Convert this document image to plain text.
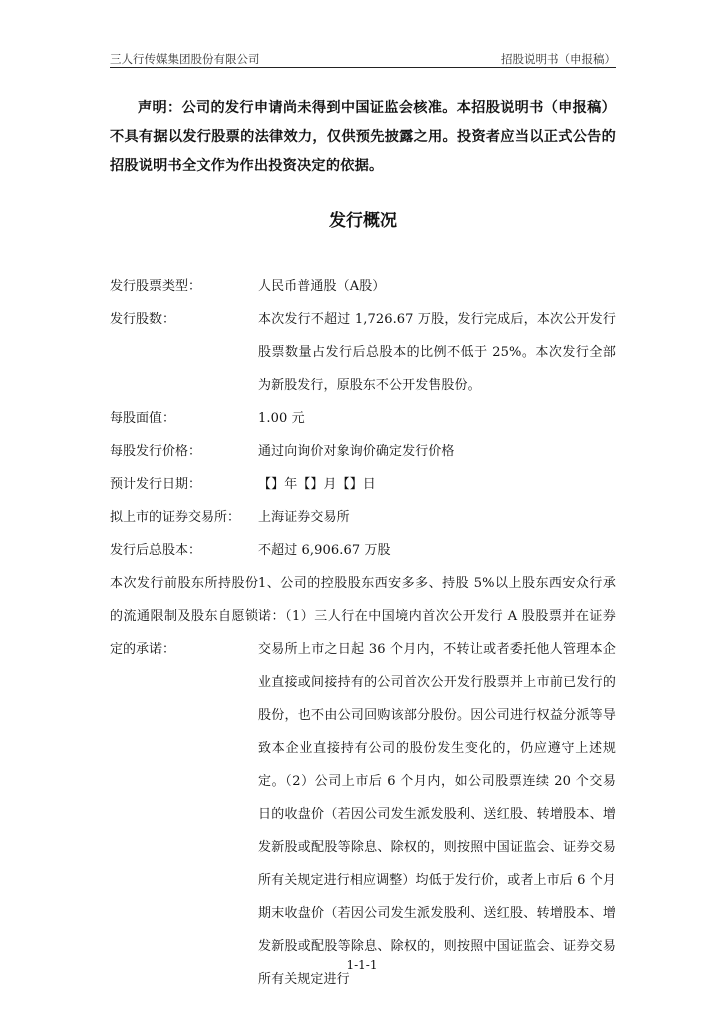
三人行传媒集团股份有限公司	招股说明书（申报稿）
声明：公司的发行申请尚未得到中国证监会核准。本招股说明书（申报稿）不具有据以发行股票的法律效力，仅供预先披露之用。投资者应当以正式公告的招股说明书全文作为作出投资决定的依据。
发行概况
发行股票类型：	人民币普通股（A股）
发行股数：	本次发行不超过 1,726.67 万股，发行完成后，本次公开发行股票数量占发行后总股本的比例不低于 25%。本次发行全部为新股发行，原股东不公开发售股份。
每股面值：	1.00 元
每股发行价格：	通过向询价对象询价确定发行价格
预计发行日期：	【】年【】月【】日
拟上市的证券交易所：	上海证券交易所
发行后总股本：	不超过 6,906.67 万股
本次发行前股东所持股份的流通限制及股东自愿锁定的承诺：
1、公司的控股股东西安多多、持股 5%以上股东西安众行承诺：（1）三人行在中国境内首次公开发行 A 股股票并在证券交易所上市之日起 36 个月内，不转让或者委托他人管理本企业直接或间接持有的公司首次公开发行股票并上市前已发行的股份，也不由公司回购该部分股份。因公司进行权益分派等导致本企业直接持有公司的股份发生变化的，仍应遵守上述规定。（2）公司上市后 6 个月内，如公司股票连续 20 个交易日的收盘价（若因公司发生派发股利、送红股、转增股本、增发新股或配股等除息、除权的，则按照中国证监会、证券交易所有关规定进行相应调整）均低于发行价，或者上市后 6 个月期末收盘价（若因公司发生派发股利、送红股、转增股本、增发新股或配股等除息、除权的，则按照中国证监会、证券交易所有关规定进行
1-1-1
